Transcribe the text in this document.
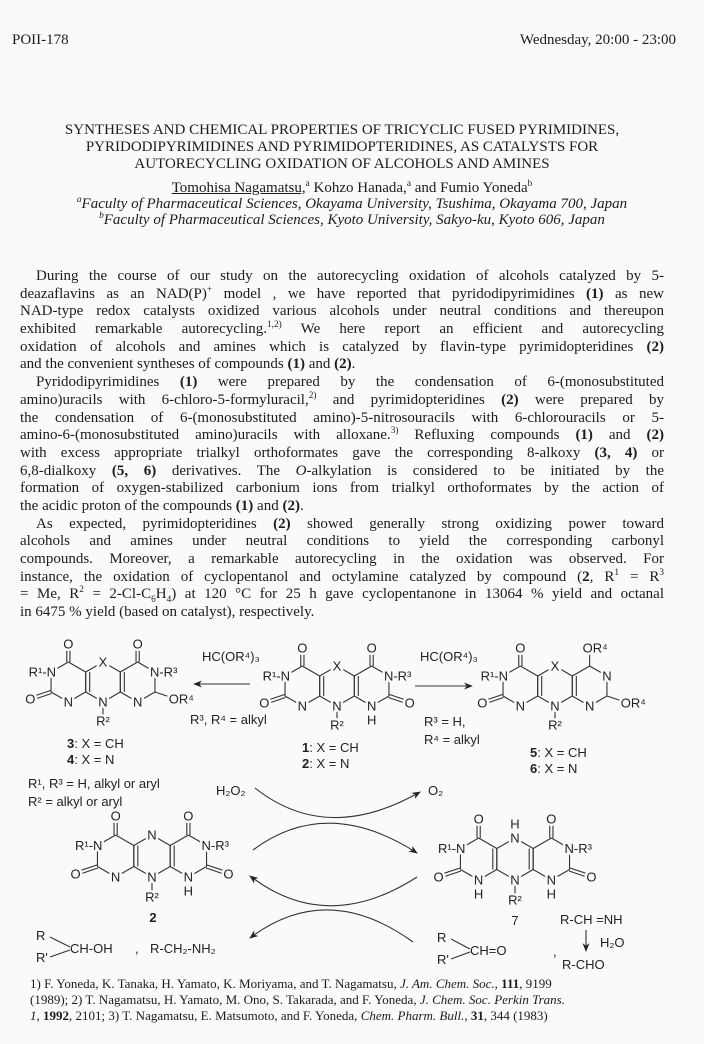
POII-178	Wednesday, 20:00 - 23:00
SYNTHESES AND CHEMICAL PROPERTIES OF TRICYCLIC FUSED PYRIMIDINES,
PYRIDODIPYRIMIDINES AND PYRIMIDOPTERIDINES, AS CATALYSTS FOR
AUTORECYCLING OXIDATION OF ALCOHOLS AND AMINES
Tomohisa Nagamatsu,$^a$ Kohzo Hanada,$^a$ and Fumio Yoneda$^b$
$^a$Faculty of Pharmaceutical Sciences, Okayama University, Tsushima, Okayama 700, Japan
$^b$Faculty of Pharmaceutical Sciences, Kyoto University, Sakyo-ku, Kyoto 606, Japan
During the course of our study on the autorecycling oxidation of alcohols catalyzed by 5-
deazaflavins as an NAD(P)+ model , we have reported that pyridodipyrimidines (1) as new
NAD-type redox catalysts oxidized various alcohols under neutral conditions and thereupon
exhibited remarkable autorecycling.$^{1,2)}$ We here report an efficient and autorecycling
oxidation of alcohols and amines which is catalyzed by flavin-type pyrimidopteridines (2)
and the convenient syntheses of compounds (1) and (2).
Pyridodipyrimidines (1) were prepared by the condensation of 6-(monosubstituted
amino)uracils with 6-chloro-5-formyluracil,$^{2)}$ and pyrimidopteridines (2) were prepared by
the condensation of 6-(monosubstituted amino)-5-nitrosouracils with 6-chlorouracils or 5-
amino-6-(monosubstituted amino)uracils with alloxane.$^{3)}$ Refluxing compounds (1) and (2)
with excess appropriate trialkyl orthoformates gave the corresponding 8-alkoxy (3, 4) or
6,8-dialkoxy (5, 6) derivatives. The O-alkylation is considered to be initiated by the
formation of oxygen-stabilized carbonium ions from trialkyl orthoformates by the action of
the acidic proton of the compounds (1) and (2).
As expected, pyrimidopteridines (2) showed generally strong oxidizing power toward
alcohols and amines under neutral conditions to yield the corresponding carbonyl
compounds. Moreover, a remarkable autorecycling in the oxidation was observed. For
instance, the oxidation of cyclopentanol and octylamine catalyzed by compound (2, $R^1 = R^3$
= Me, $R^2 = 2-Cl-C_6H_4$) at 120 °C for 25 h gave cyclopentanone in 13064 % yield and octanal
in 6475 % yield (based on catalyst), respectively.
O	O
O	OR⁴
R²
N
R¹-N
X
N
N-R³
N
O	O
O	O
R²
N
R¹-N
X
N
N-R³
N
H
O	OR⁴
O	OR⁴
R²
N
R¹-N
X
N
N
N
O	O
O	O
R²
N
R¹-N
N
N
N-R³
N
H
O	O
O	O
R²
N
R¹-N
N
N
N-R³
N
H	H
H
3: X = CH
4: X = N
1: X = CH
2: X = N
5: X = CH
6: X = N
2	7
HC(OR⁴)₃
R³, R⁴ = alkyl
HC(OR⁴)₃
R³ = H,
R⁴ = alkyl
R¹, R³ = H, alkyl or aryl
R² = alkyl or aryl
H₂O₂	O₂
R
R'
CH-OH , R-CH₂-NH₂
R
R'
CH=O	,
R-CH =NH
H₂O
R-CHO
1) F. Yoneda, K. Tanaka, H. Yamato, K. Moriyama, and T. Nagamatsu, J. Am. Chem. Soc., 111, 9199
(1989); 2) T. Nagamatsu, H. Yamato, M. Ono, S. Takarada, and F. Yoneda, J. Chem. Soc. Perkin Trans.
1, 1992, 2101; 3) T. Nagamatsu, E. Matsumoto, and F. Yoneda, Chem. Pharm. Bull., 31, 344 (1983)
